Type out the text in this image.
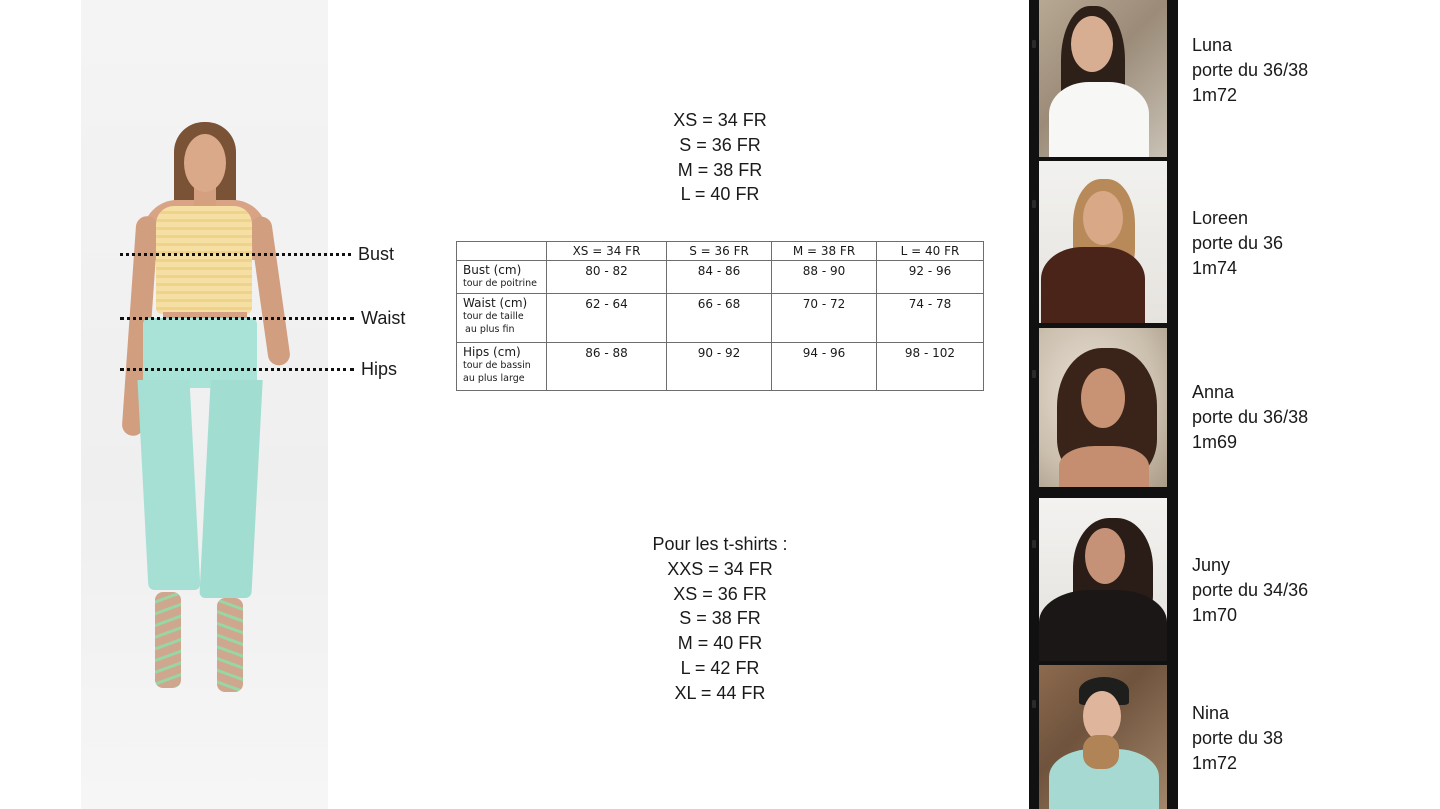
Bust
Waist
Hips
XS = 34 FR
S = 36 FR
M = 38 FR
L = 40 FR
	XS = 34 FR	S = 36 FR	M = 38 FR	L = 40 FR

Bust (cm)
tour de poitrine	80 - 82	84 - 86	88 - 90	92 - 96

Waist (cm)
tour de taille
au plus fin	62 - 64	66 - 68	70 - 72	74 - 78

Hips (cm)
tour de bassin
au plus large	86 - 88	90 - 92	94 - 96	98 - 102
Pour les t-shirts :
XXS = 34 FR
XS = 36 FR
S = 38 FR
M = 40 FR
L = 42 FR
XL = 44 FR
Luna
porte du 36/38
1m72
Loreen
porte du 36
1m74
Anna
porte du 36/38
1m69
Juny
porte du 34/36
1m70
Nina
porte du 38
1m72
